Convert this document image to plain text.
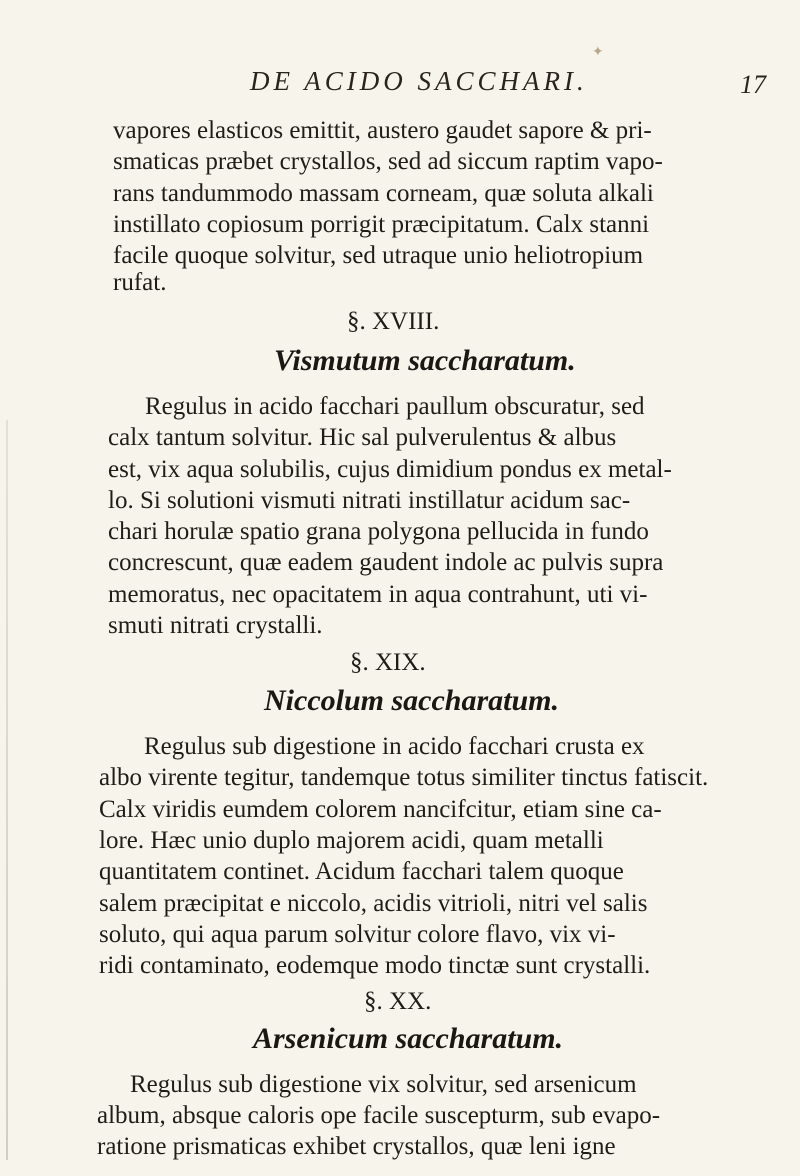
✦
DE ACIDO SACCHARI.	17
vapores elasticos emittit, austero gaudet sapore & pri-
smaticas præbet crystallos, sed ad siccum raptim vapo-
rans tandummodo massam corneam, quæ soluta alkali
instillato copiosum porrigit præcipitatum. Calx stanni
facile quoque solvitur, sed utraque unio heliotropium
rufat.
§. XVIII.
Vismutum saccharatum.
Regulus in acido facchari paullum obscuratur, sed
calx tantum solvitur. Hic sal pulverulentus & albus
est, vix aqua solubilis, cujus dimidium pondus ex metal-
lo. Si solutioni vismuti nitrati instillatur acidum sac-
chari horulæ spatio grana polygona pellucida in fundo
concrescunt, quæ eadem gaudent indole ac pulvis supra
memoratus, nec opacitatem in aqua contrahunt, uti vi-
smuti nitrati crystalli.
§. XIX.
Niccolum saccharatum.
Regulus sub digestione in acido facchari crusta ex
albo virente tegitur, tandemque totus similiter tinctus fatiscit.
Calx viridis eumdem colorem nancifcitur, etiam sine ca-
lore. Hæc unio duplo majorem acidi, quam metalli
quantitatem continet. Acidum facchari talem quoque
salem præcipitat e niccolo, acidis vitrioli, nitri vel salis
soluto, qui aqua parum solvitur colore flavo, vix vi-
ridi contaminato, eodemque modo tinctæ sunt crystalli.
§. XX.
Arsenicum saccharatum.
Regulus sub digestione vix solvitur, sed arsenicum
album, absque caloris ope facile suscepturm, sub evapo-
ratione prismaticas exhibet crystallos, quæ leni igne
